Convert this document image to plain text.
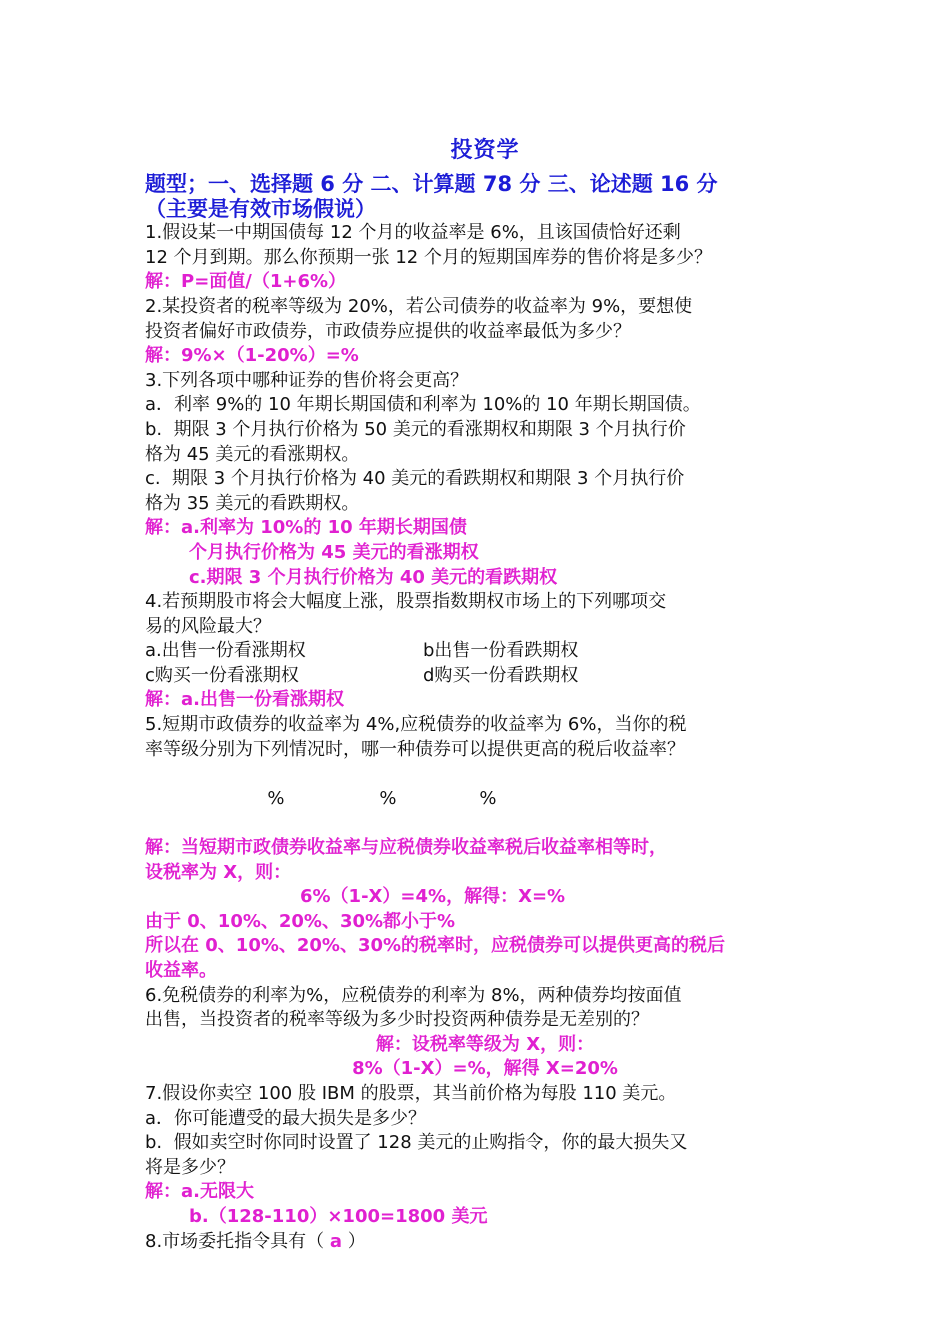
投资学
题型；一、选择题 6 分 二、计算题 78 分 三、论述题 16 分
（主要是有效市场假说）
1.假设某一中期国债每 12 个月的收益率是 6%，且该国债恰好还剩
12 个月到期。那么你预期一张 12 个月的短期国库券的售价将是多少？
解：P=面值/（1+6%）
2.某投资者的税率等级为 20%，若公司债券的收益率为 9%，要想使
投资者偏好市政债券，市政债券应提供的收益率最低为多少？
解：9%×（1-20%）=%
3.下列各项中哪种证券的售价将会更高？
a．利率 9%的 10 年期长期国债和利率为 10%的 10 年期长期国债。
b.  期限 3 个月执行价格为 50 美元的看涨期权和期限 3 个月执行价
格为 45 美元的看涨期权。
c.  期限 3 个月执行价格为 40 美元的看跌期权和期限 3 个月执行价
格为 35 美元的看跌期权。
解：a.利率为 10%的 10 年期长期国债
个月执行价格为 45 美元的看涨期权
c.期限 3 个月执行价格为 40 美元的看跌期权
4.若预期股市将会大幅度上涨，股票指数期权市场上的下列哪项交
易的风险最大？
a.出售一份看涨期权	b出售一份看跌期权
c购买一份看涨期权	d购买一份看跌期权
解：a.出售一份看涨期权
5.短期市政债券的收益率为 4%,应税债券的收益率为 6%，当你的税
率等级分别为下列情况时，哪一种债券可以提供更高的税后收益率？

%	%	%

解：当短期市政债券收益率与应税债券收益率税后收益率相等时，
设税率为 X，则：
6%（1-X）=4%，解得：X=%
由于 0、10%、20%、30%都小于%
所以在 0、10%、20%、30%的税率时，应税债券可以提供更高的税后
收益率。
6.免税债券的利率为%，应税债券的利率为 8%，两种债券均按面值
出售，当投资者的税率等级为多少时投资两种债券是无差别的？
解：设税率等级为 X，则：
8%（1-X）=%，解得 X=20%
7.假设你卖空 100 股 IBM 的股票，其当前价格为每股 110 美元。
a．你可能遭受的最大损失是多少？
b.  假如卖空时你同时设置了 128 美元的止购指令，你的最大损失又
将是多少？
解：a.无限大
b.（128-110）×100=1800 美元
8.市场委托指令具有（ a ）
